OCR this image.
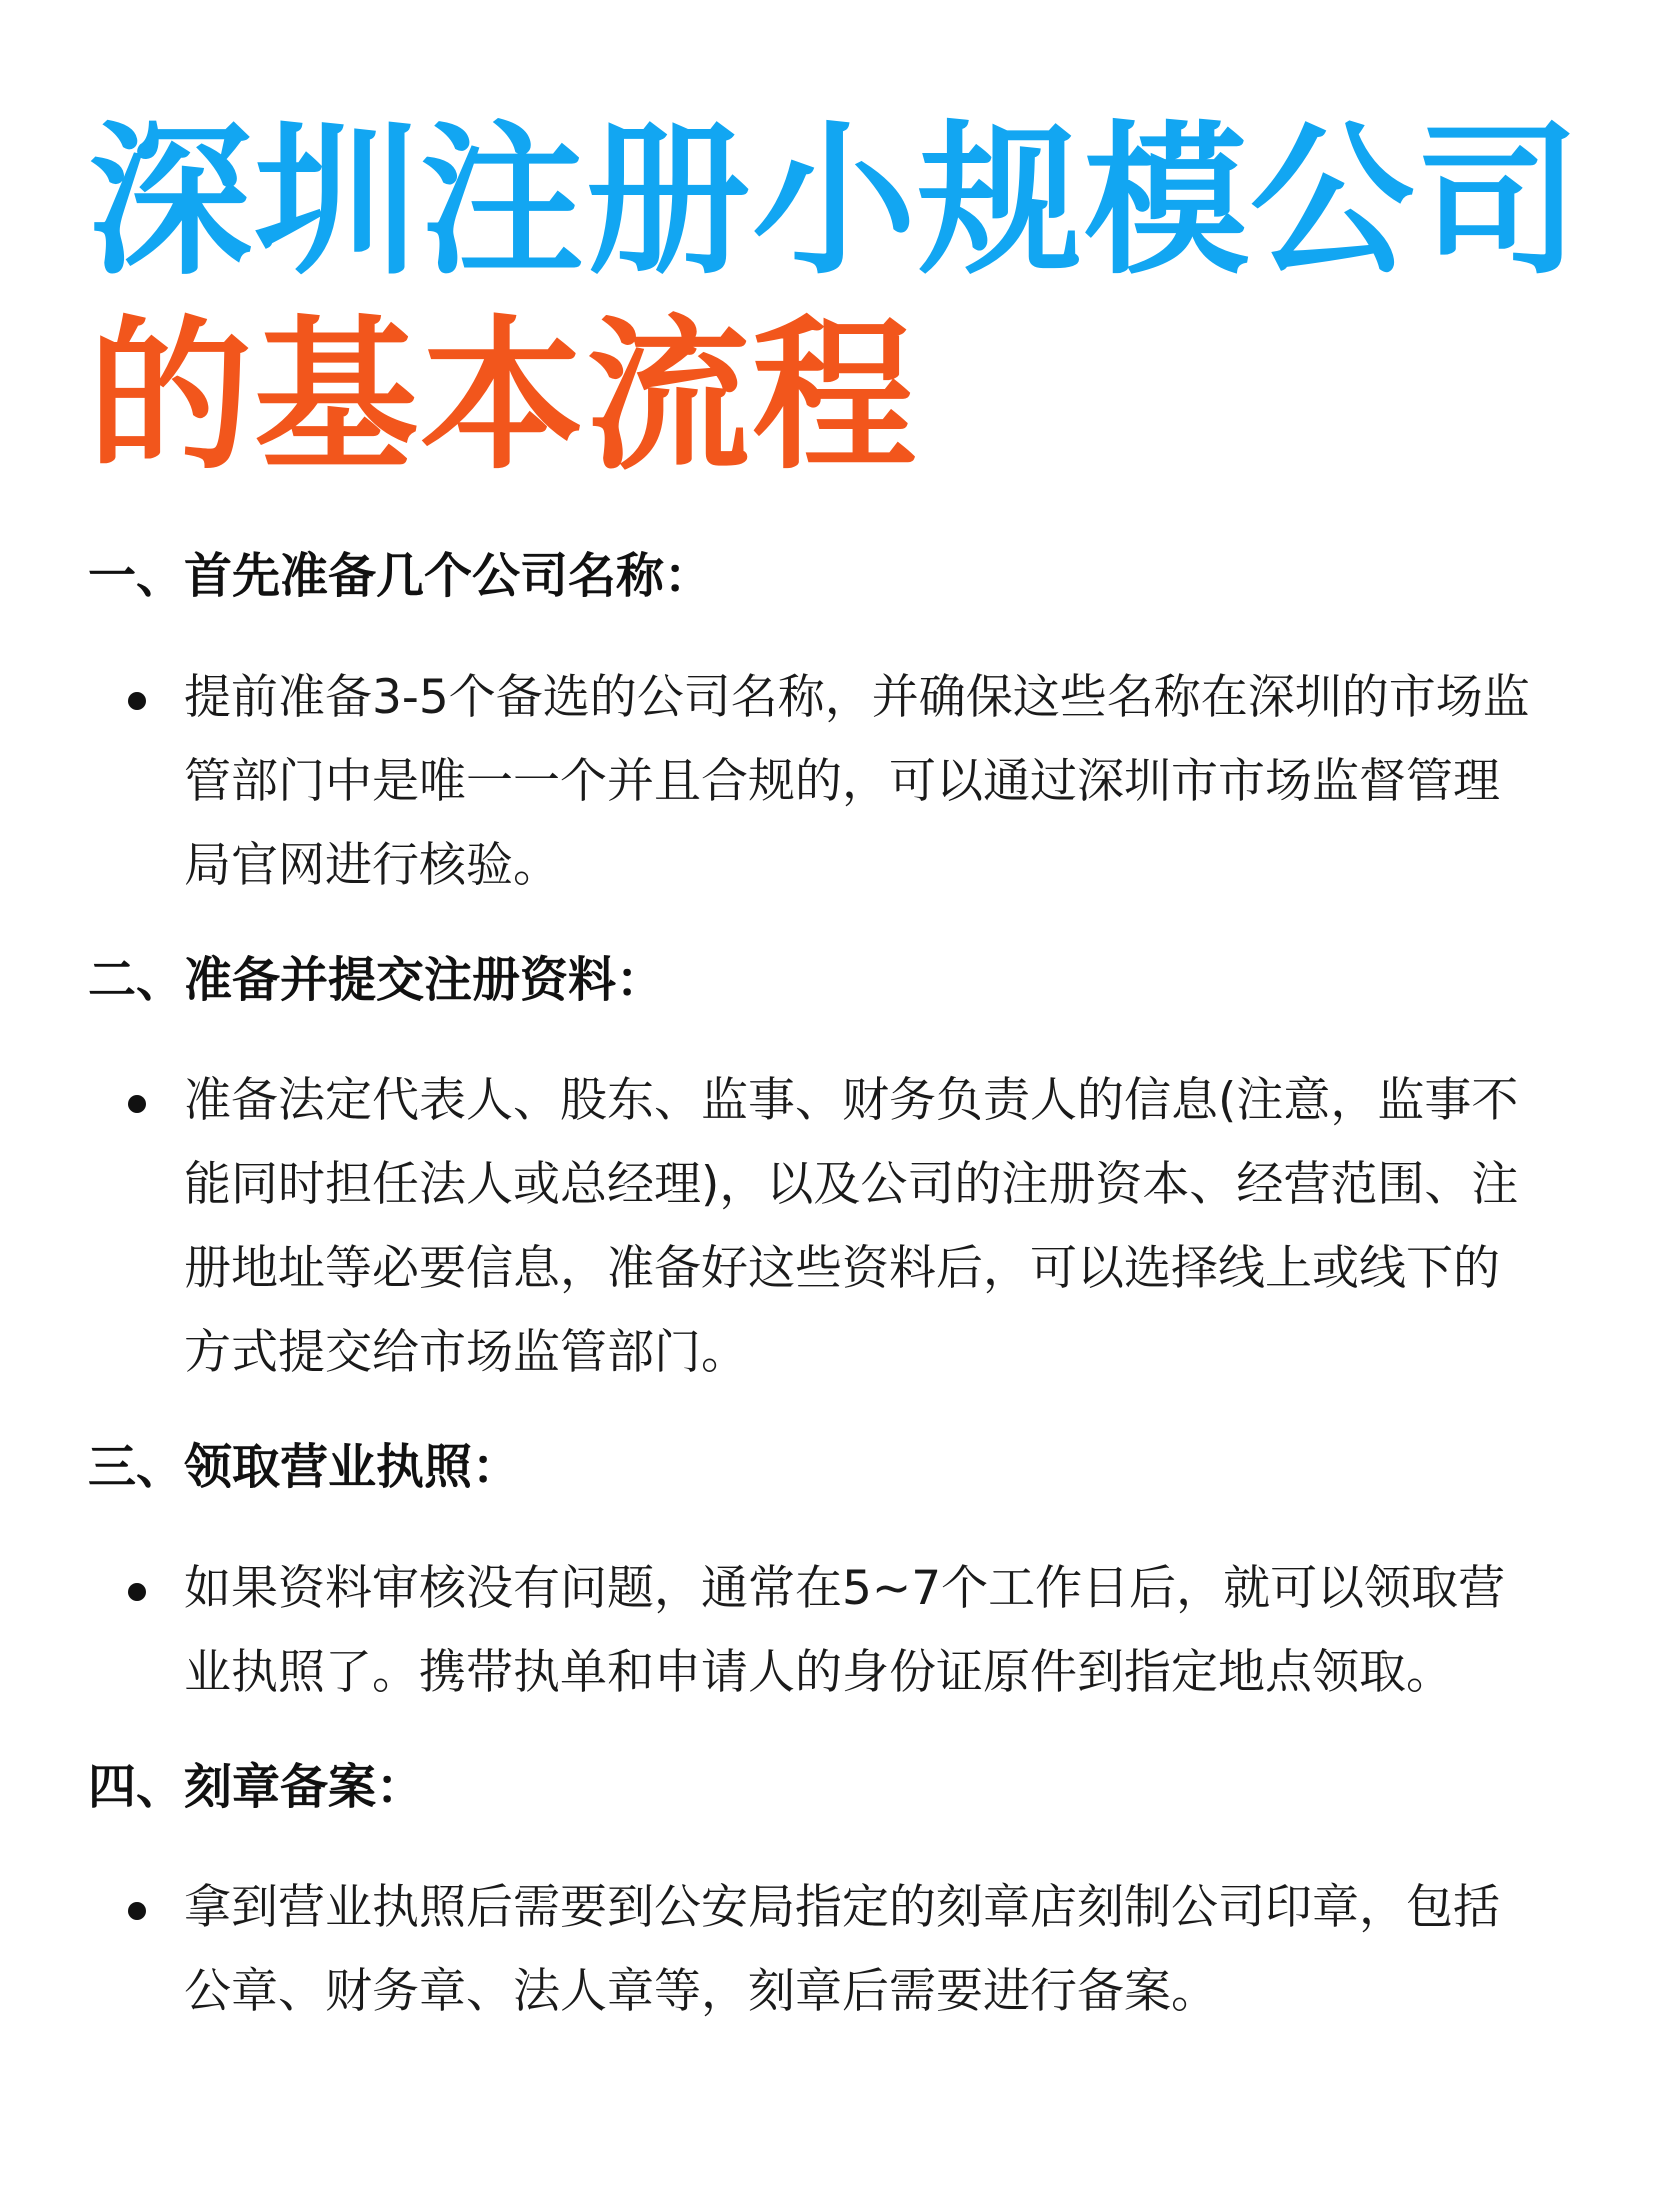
深圳注册小规模公司
的基本流程
一、首先准备几个公司名称：
提前准备3-5个备选的公司名称，并确保这些名称在深圳的市场监管部门中是唯一一个并且合规的，可以通过深圳市市场监督管理局官网进行核验。
二、准备并提交注册资料：
准备法定代表人、股东、监事、财务负责人的信息(注意，监事不能同时担任法人或总经理)，以及公司的注册资本、经营范围、注册地址等必要信息，准备好这些资料后，可以选择线上或线下的方式提交给市场监管部门。
三、领取营业执照：
如果资料审核没有问题，通常在5~7个工作日后，就可以领取营业执照了。携带执单和申请人的身份证原件到指定地点领取。
四、刻章备案：
拿到营业执照后需要到公安局指定的刻章店刻制公司印章，包括公章、财务章、法人章等，刻章后需要进行备案。
